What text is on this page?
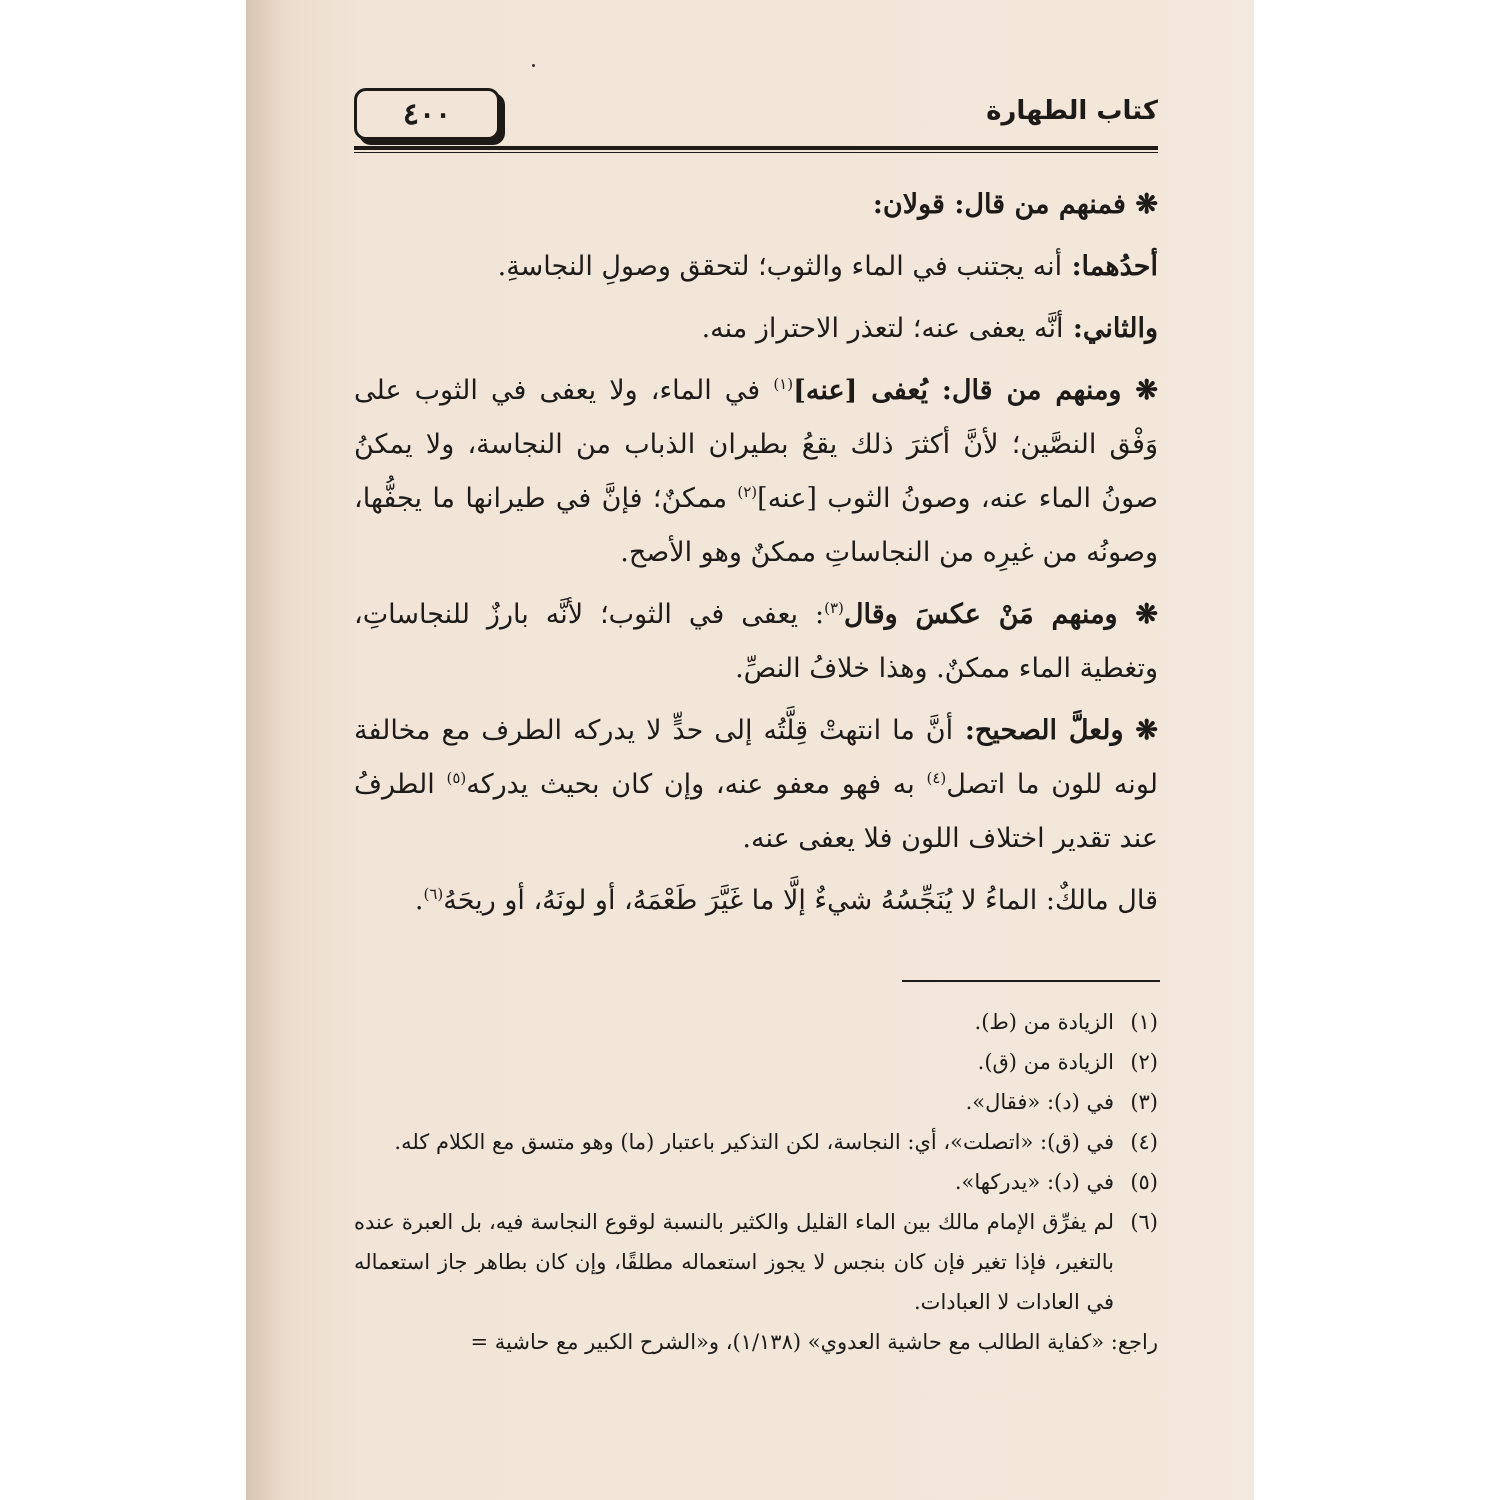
٤٠٠	كتاب الطهارة

❋ فمنهم من قال: قولان:

أحدُهما: أنه يجتنب في الماء والثوب؛ لتحقق وصولِ النجاسةِ.

والثاني: أنَّه يعفى عنه؛ لتعذر الاحتراز منه.

❋ ومنهم من قال: يُعفى [عنه]$^{(١)}$ في الماء، ولا يعفى في الثوب على وَفْق النصَّين؛ لأنَّ أكثرَ ذلك يقعُ بطيران الذباب من النجاسة، ولا يمكنُ صونُ الماء عنه، وصونُ الثوب [عنه]$^{(٢)}$ ممكنٌ؛ فإنَّ في طيرانها ما يجفُّها، وصونُه من غيرِه من النجاساتِ ممكنٌ وهو الأصح.

❋ ومنهم مَنْ عكسَ وقال$^{(٣)}$: يعفى في الثوب؛ لأنَّه بارزٌ للنجاساتِ، وتغطية الماء ممكنٌ. وهذا خلافُ النصِّ.

❋ ولعلَّ الصحيح: أنَّ ما انتهتْ قِلَّتُه إلى حدٍّ لا يدركه الطرف مع مخالفة لونه للون ما اتصل$^{(٤)}$ به فهو معفو عنه، وإن كان بحيث يدركه$^{(٥)}$ الطرفُ عند تقدير اختلاف اللون فلا يعفى عنه.

قال مالكٌ: الماءُ لا يُنَجِّسُهُ شيءٌ إلَّا ما غَيَّرَ طَعْمَهُ، أو لونَهُ، أو ريحَهُ$^{(٦)}$.

(١)
الزيادة من (ط).
(٢)
الزيادة من (ق).
(٣)
في (د): «فقال».
(٤)
في (ق): «اتصلت»، أي: النجاسة، لكن التذكير باعتبار (ما) وهو متسق مع الكلام كله.
(٥)
في (د): «يدركها».
(٦)
لم يفرِّق الإمام مالك بين الماء القليل والكثير بالنسبة لوقوع النجاسة فيه، بل العبرة عنده بالتغير، فإذا تغير فإن كان بنجس لا يجوز استعماله مطلقًا، وإن كان بطاهر جاز استعماله في العادات لا العبادات.

راجع: «كفاية الطالب مع حاشية العدوي» (١/١٣٨)، و«الشرح الكبير مع حاشية =
